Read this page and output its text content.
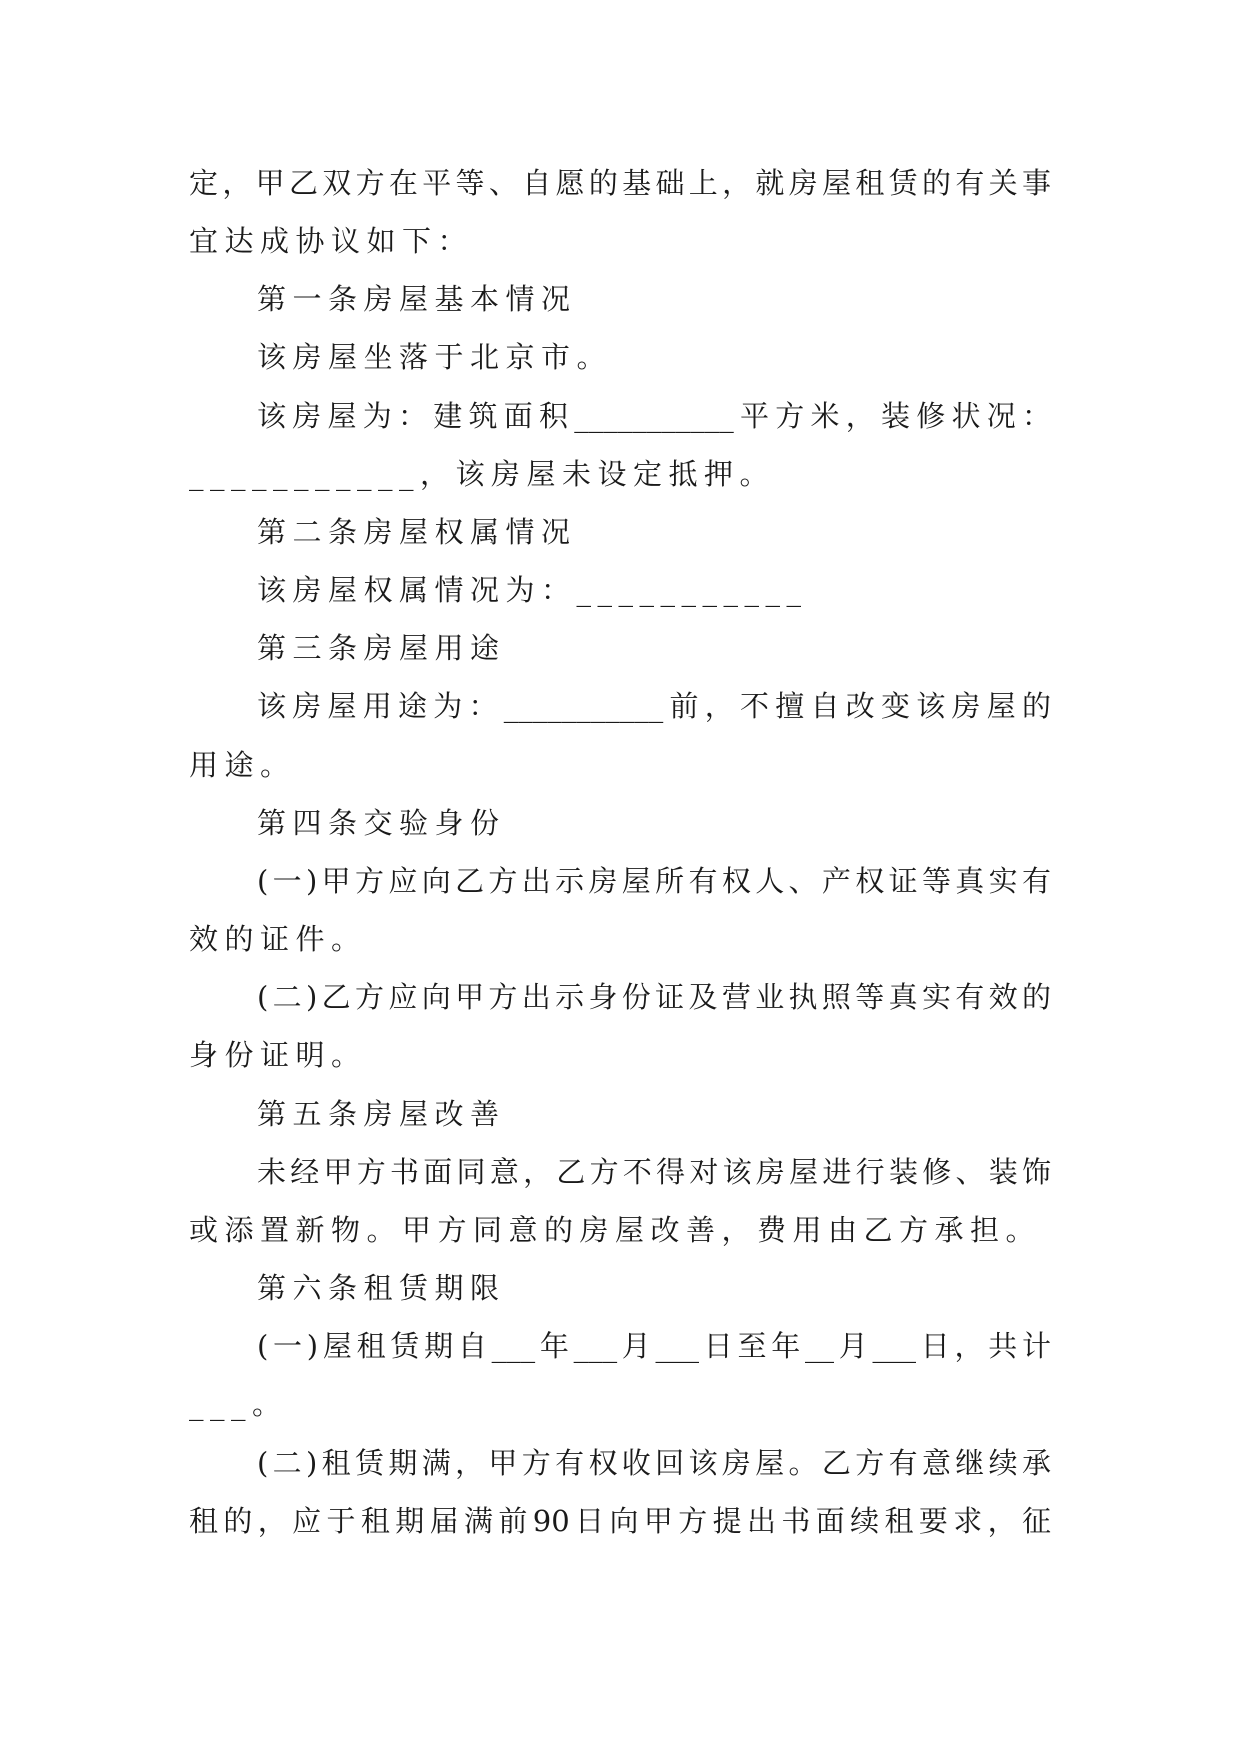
定，甲乙双方在平等、自愿的基础上，就房屋租赁的有关事

宜达成协议如下：

第一条房屋基本情况

该房屋坐落于北京市。

该房屋为：建筑面积___________平方米，装修状况：

___________，该房屋未设定抵押。

第二条房屋权属情况

该房屋权属情况为：___________

第三条房屋用途

该房屋用途为：___________前，不擅自改变该房屋的

用途。

第四条交验身份

(一)甲方应向乙方出示房屋所有权人、产权证等真实有

效的证件。

(二)乙方应向甲方出示身份证及营业执照等真实有效的

身份证明。

第五条房屋改善

未经甲方书面同意，乙方不得对该房屋进行装修、装饰

或添置新物。甲方同意的房屋改善，费用由乙方承担。

第六条租赁期限

(一)屋租赁期自___年___月___日至年__月___日，共计

___。

(二)租赁期满，甲方有权收回该房屋。乙方有意继续承

租的，应于租期届满前90日向甲方提出书面续租要求，征
